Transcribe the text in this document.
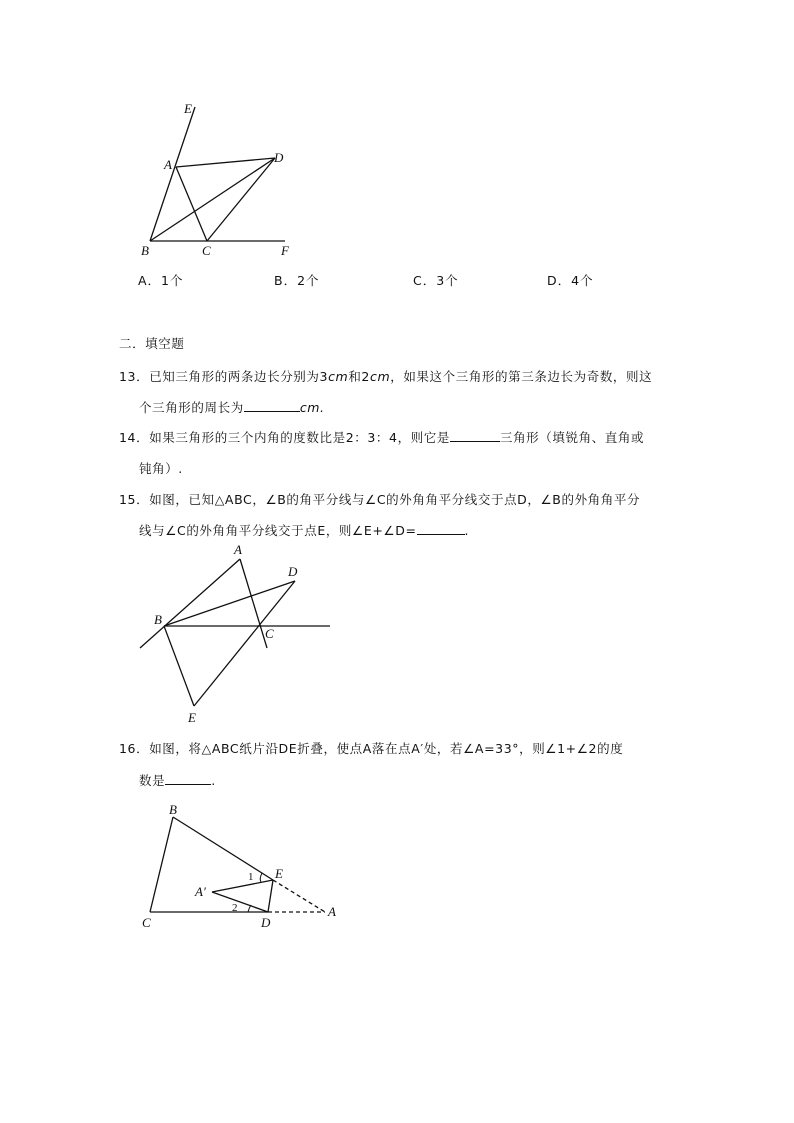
E
A	D
B	C	F
A．1个	B．2个	C．3个	D．4个
二．填空题
13．已知三角形的两条边长分别为3cm和2cm，如果这个三角形的第三条边长为奇数，则这
个三角形的周长为	cm.
14．如果三角形的三个内角的度数比是2：3：4，则它是	三角形（填锐角、直角或
钝角）.
15．如图，已知△ABC，∠B的角平分线与∠C的外角角平分线交于点D，∠B的外角角平分
线与∠C的外角角平分线交于点E，则∠E+∠D=	.
A
D
B
C
E
16．如图，将△ABC纸片沿DE折叠，使点A落在点A′处，若∠A=33°，则∠1+∠2的度
数是	.
B
E
A′
1
2
C	D
A
